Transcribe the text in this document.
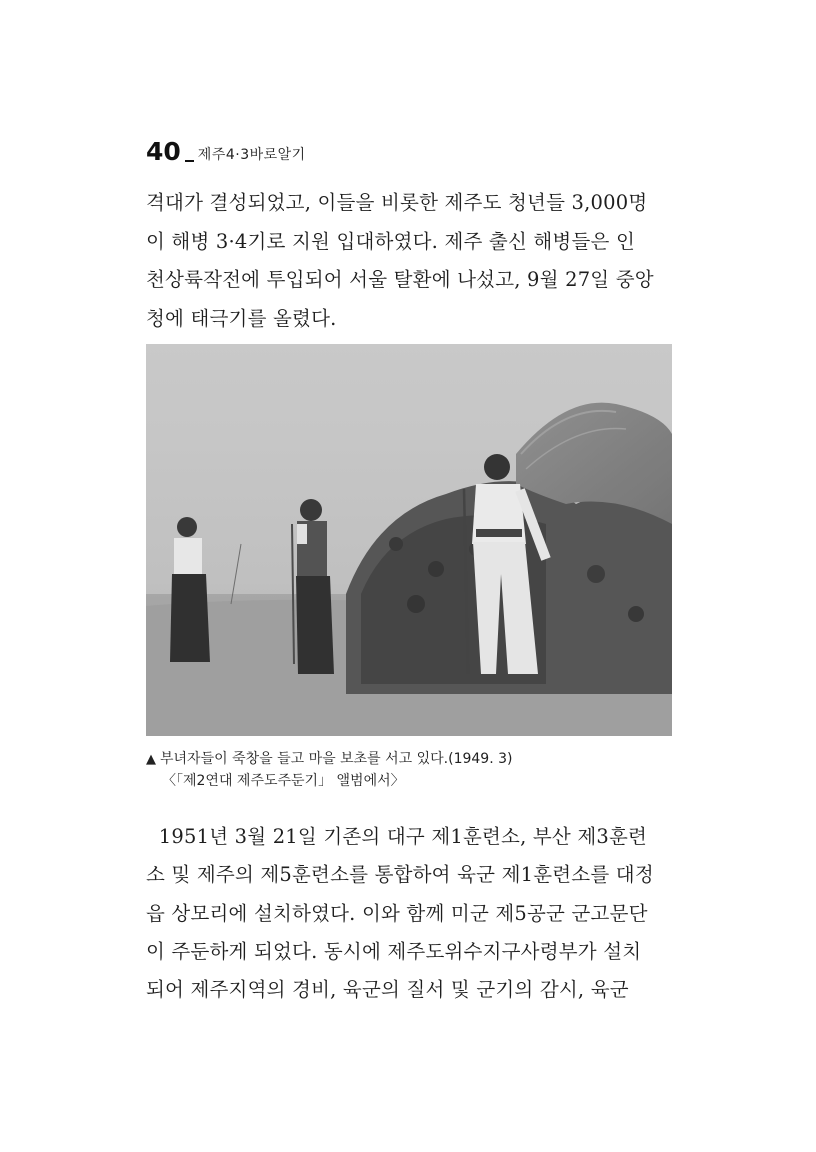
40 제주4·3바로알기
격대가 결성되었고, 이들을 비롯한 제주도 청년들 3,000명
이 해병 3·4기로 지원 입대하였다. 제주 출신 해병들은 인
천상륙작전에 투입되어 서울 탈환에 나섰고, 9월 27일 중앙
청에 태극기를 올렸다.
▲ 부녀자들이 죽창을 들고 마을 보초를 서고 있다.(1949. 3)
〈「제2연대 제주도주둔기」 앨범에서〉
1951년 3월 21일 기존의 대구 제1훈련소, 부산 제3훈련
소 및 제주의 제5훈련소를 통합하여 육군 제1훈련소를 대정
읍 상모리에 설치하였다. 이와 함께 미군 제5공군 군고문단
이 주둔하게 되었다. 동시에 제주도위수지구사령부가 설치
되어 제주지역의 경비, 육군의 질서 및 군기의 감시, 육군
